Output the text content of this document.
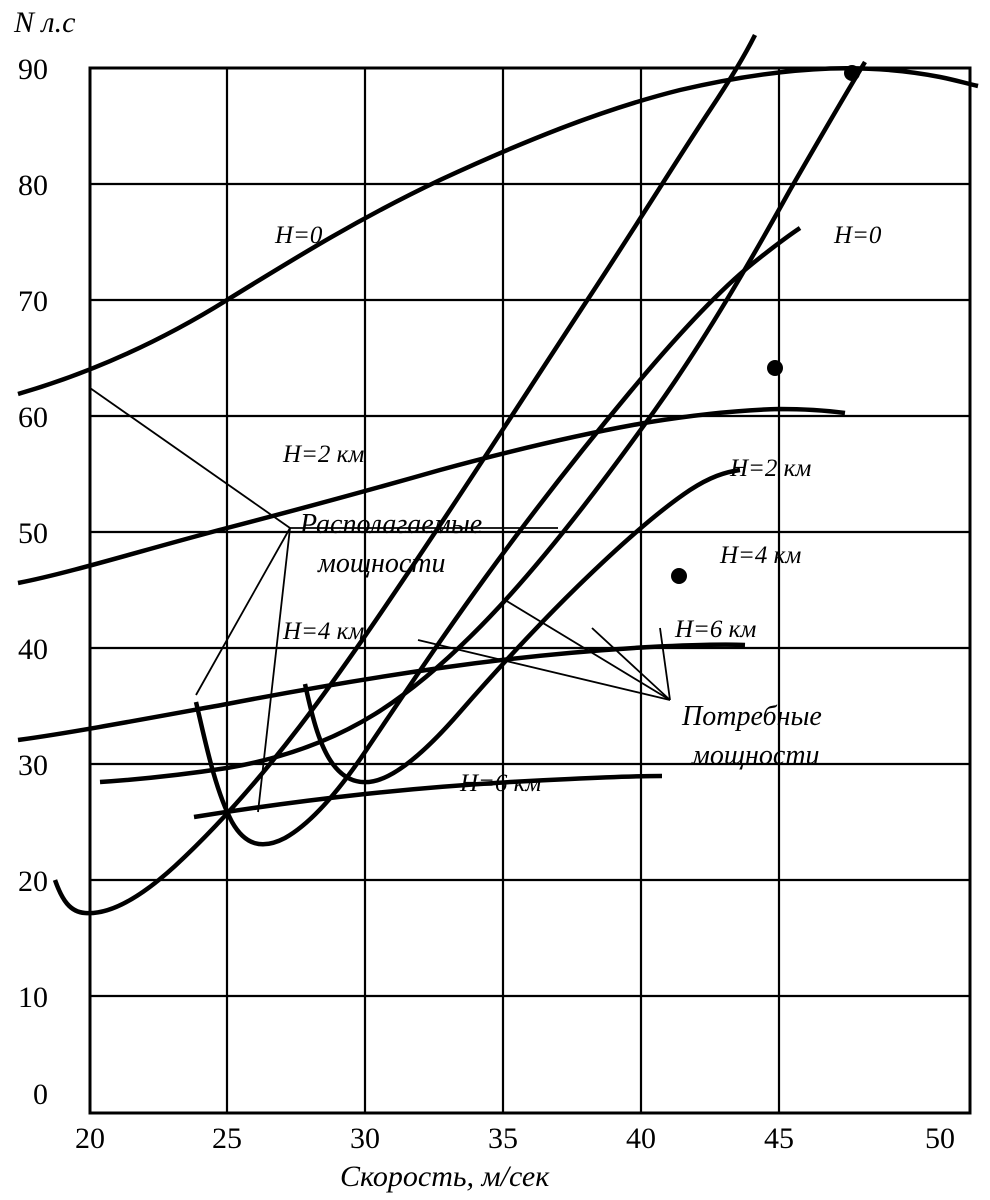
N л.с
Скорость, м/сек
0
10
20
30
40
50
60
70
80
90
20	25	30	35	40	45	50
H=0
H=2 км
H=4 км
H=6 км
H=0
H=2 км
H=4 км
H=6 км
Располагаемые
мощности
Потребные
мощности
